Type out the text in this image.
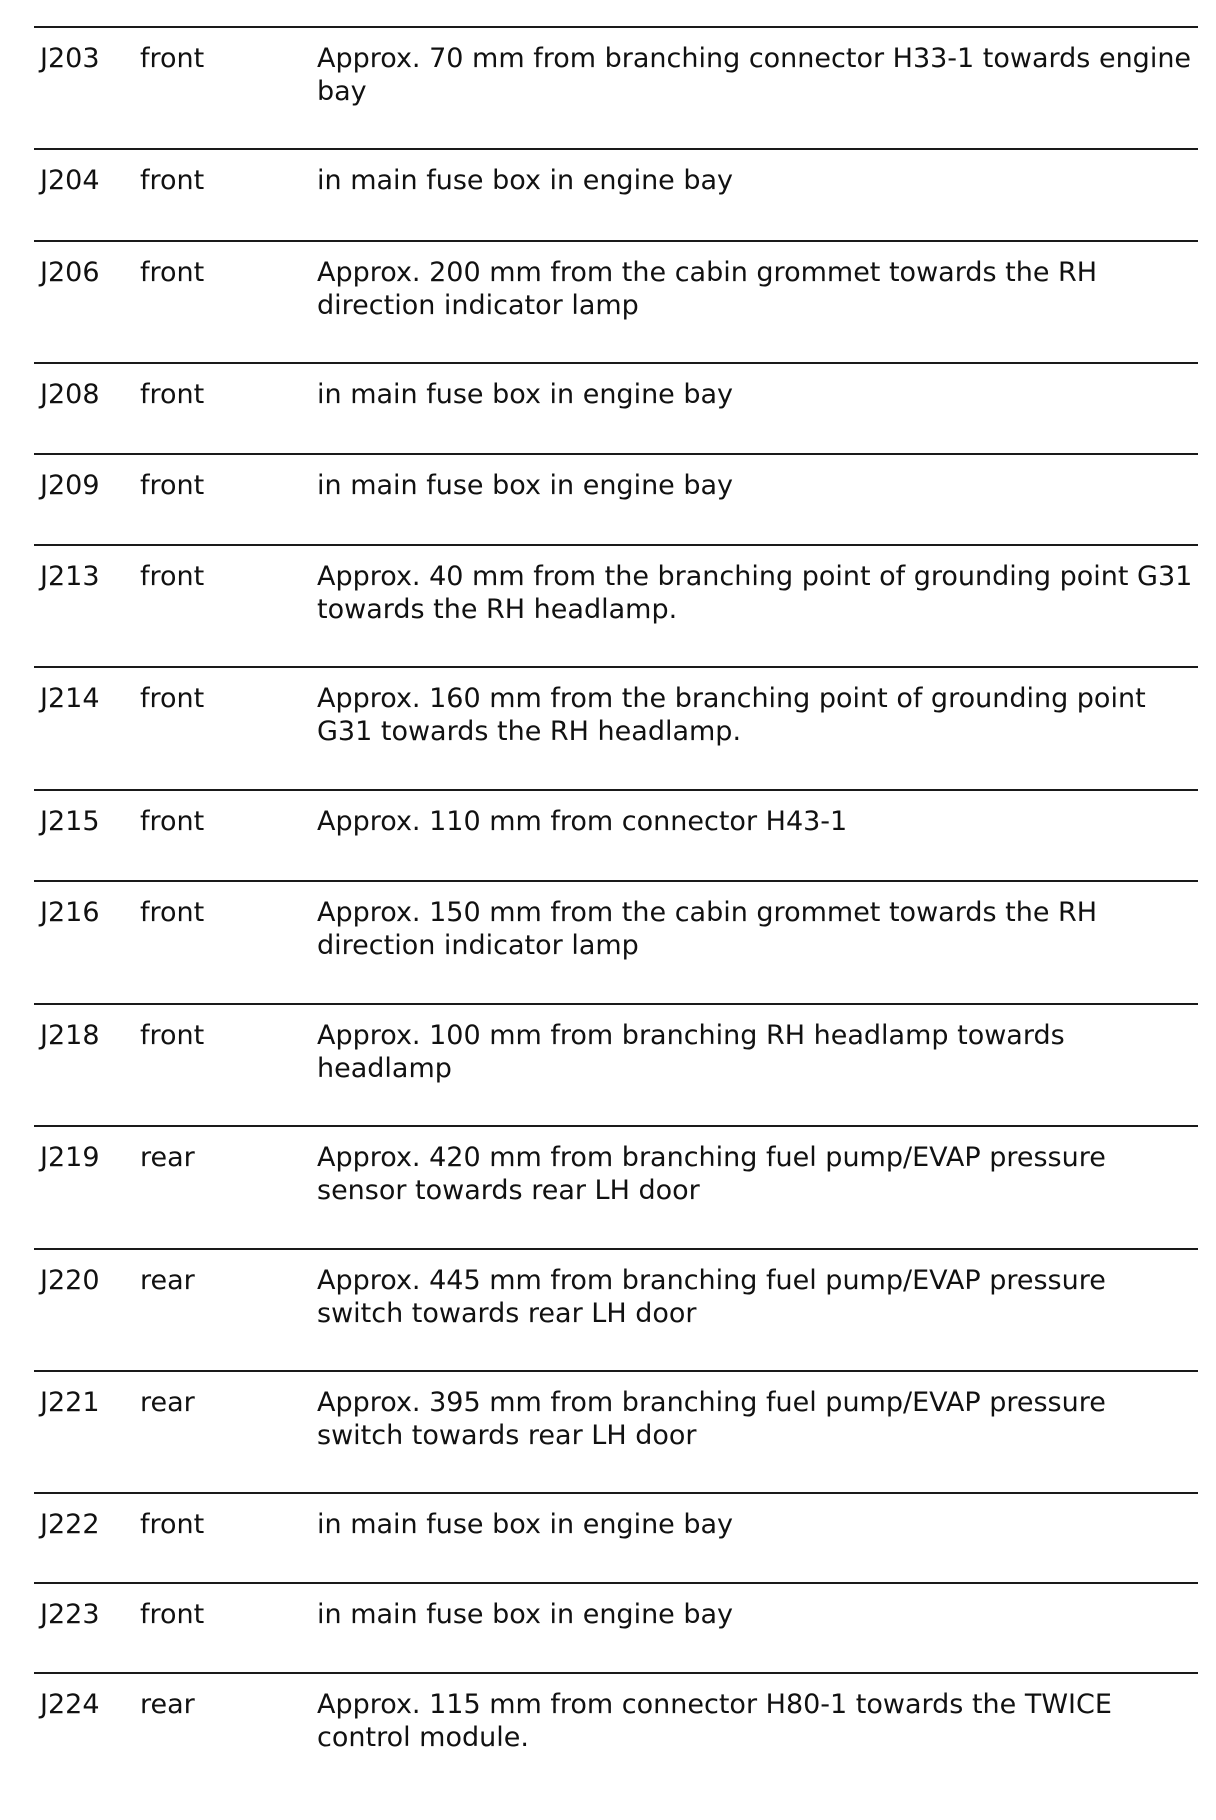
J203 front	Approx. 70 mm from branching connector H33-1 towards engine bay
J204 front	in main fuse box in engine bay
J206 front	Approx. 200 mm from the cabin grommet towards the RH direction indicator lamp
J208 front	in main fuse box in engine bay
J209 front	in main fuse box in engine bay
J213 front	Approx. 40 mm from the branching point of grounding point G31 towards the RH headlamp.
J214 front	Approx. 160 mm from the branching point of grounding point G31 towards the RH headlamp.
J215 front	Approx. 110 mm from connector H43-1
J216 front	Approx. 150 mm from the cabin grommet towards the RH direction indicator lamp
J218 front	Approx. 100 mm from branching RH headlamp towards headlamp
J219 rear	Approx. 420 mm from branching fuel pump/EVAP pressure sensor towards rear LH door
J220 rear	Approx. 445 mm from branching fuel pump/EVAP pressure switch towards rear LH door
J221 rear	Approx. 395 mm from branching fuel pump/EVAP pressure switch towards rear LH door
J222 front	in main fuse box in engine bay
J223 front	in main fuse box in engine bay
J224 rear	Approx. 115 mm from connector H80-1 towards the TWICE control module.
